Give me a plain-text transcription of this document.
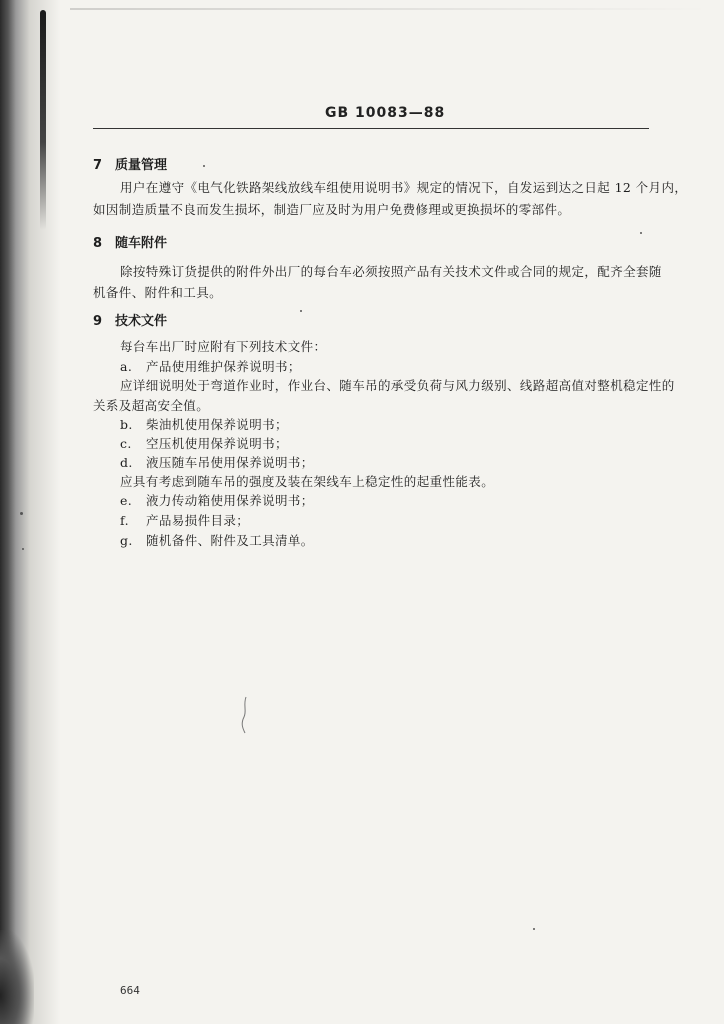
GB 10083—88
7 质量管理
用户在遵守《电气化铁路架线放线车组使用说明书》规定的情况下，自发运到达之日起 12 个月内，
如因制造质量不良而发生损坏，制造厂应及时为用户免费修理或更换损坏的零部件。
8 随车附件
除按特殊订货提供的附件外出厂的每台车必须按照产品有关技术文件或合同的规定，配齐全套随
机备件、附件和工具。
9 技术文件
每台车出厂时应附有下列技术文件：
a. 产品使用维护保养说明书；
应详细说明处于弯道作业时，作业台、随车吊的承受负荷与风力级别、线路超高值对整机稳定性的
关系及超高安全值。
b. 柴油机使用保养说明书；
c. 空压机使用保养说明书；
d. 液压随车吊使用保养说明书；
应具有考虑到随车吊的强度及装在架线车上稳定性的起重性能表。
e. 液力传动箱使用保养说明书；
f. 产品易损件目录；
g. 随机备件、附件及工具清单。
664
